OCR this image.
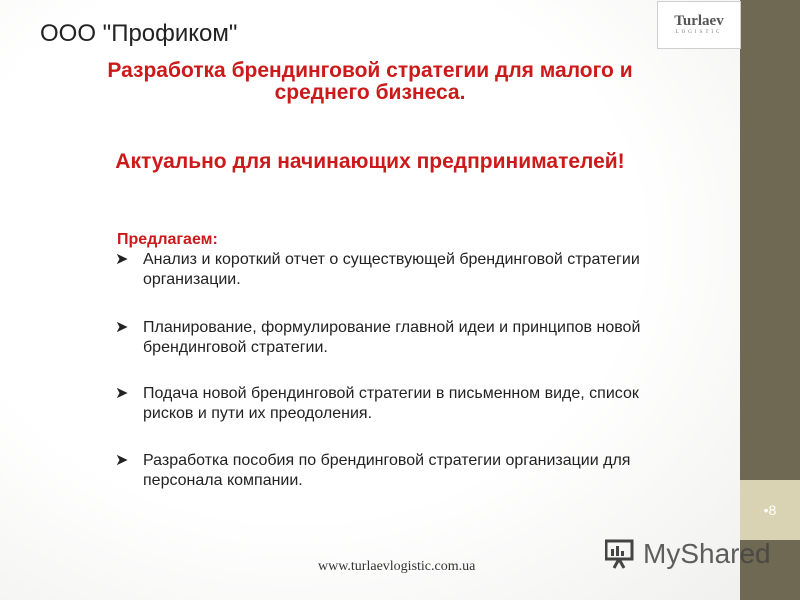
•8
Turlaev
LOGISTIC
ООО "Профиком"
Разработка брендинговой стратегии для малого и среднего бизнеса.
Актуально для начинающих предпринимателей!
Предлагаем:
➤ Анализ и короткий отчет о существующей брендинговой стратегии организации.
➤ Планирование, формулирование главной идеи и принципов новой брендинговой стратегии.
➤ Подача новой брендинговой стратегии в письменном виде, список рисков и пути их преодоления.
➤ Разработка пособия по брендинговой стратегии организации для персонала компании.
www.turlaevlogistic.com.ua	MyShared
